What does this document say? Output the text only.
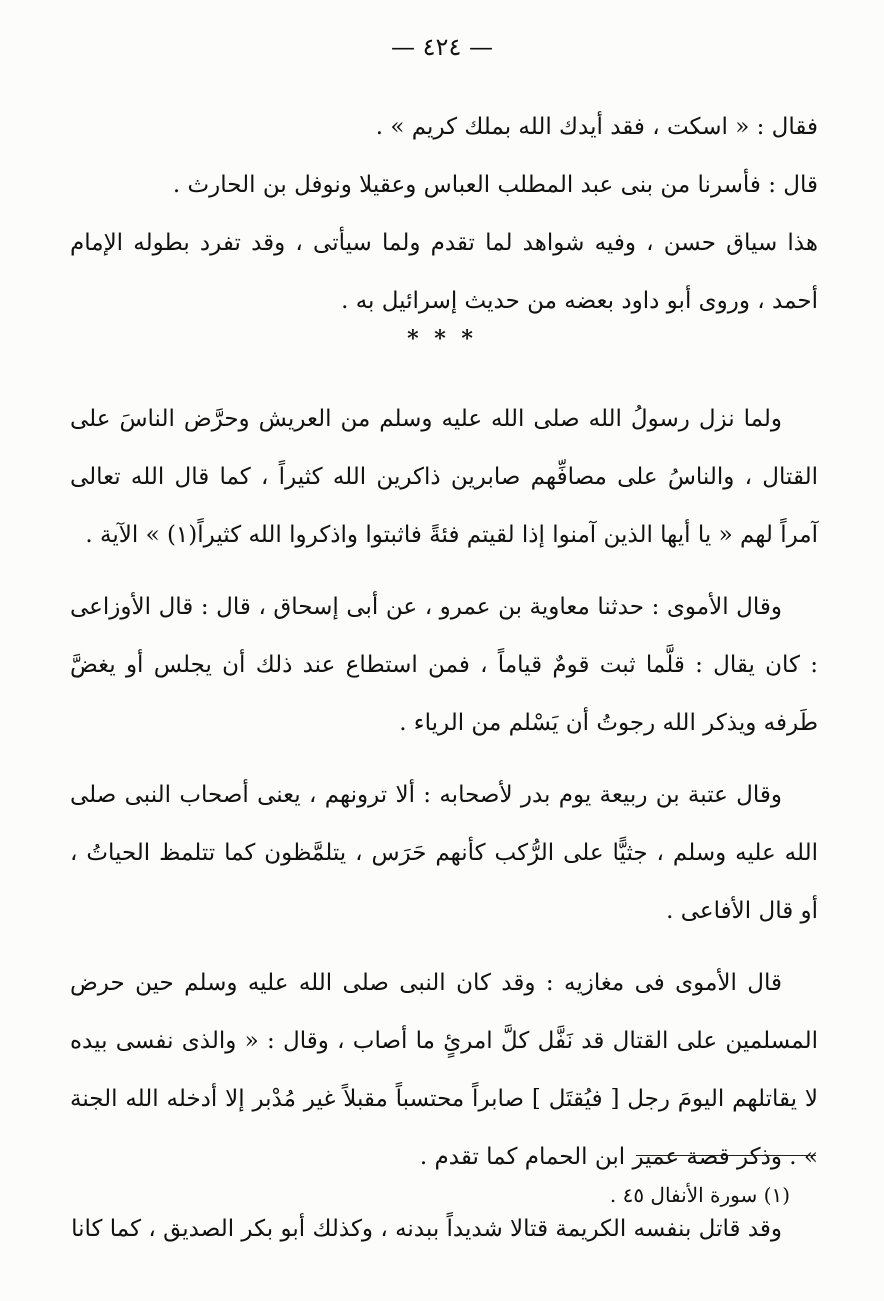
— ٤٢٤ —

فقال : « اسكت ، فقد أيدك الله بملك كريم » .

قال : فأسرنا من بنى عبد المطلب العباس وعقيلا ونوفل بن الحارث .

هذا سياق حسن ، وفيه شواهد لما تقدم ولما سيأتى ، وقد تفرد بطوله الإمام أحمد ، وروى أبو داود بعضه من حديث إسرائيل به .

ولما نزل رسولُ الله صلى الله عليه وسلم من العريش وحرَّض الناسَ على القتال ، والناسُ على مصافِّهم صابرين ذاكرين الله كثيراً ، كما قال الله تعالى آمراً لهم « يا أيها الذين آمنوا إذا لقيتم فئةً فاثبتوا واذكروا الله كثيراً(١) » الآية .

وقال الأموى : حدثنا معاوية بن عمرو ، عن أبى إسحاق ، قال : قال الأوزاعى : كان يقال : قلَّما ثبت قومٌ قياماً ، فمن استطاع عند ذلك أن يجلس أو يغضَّ طَرفه ويذكر الله رجوتُ أن يَسْلم من الرياء .

وقال عتبة بن ربيعة يوم بدر لأصحابه : ألا ترونهم ، يعنى أصحاب النبى صلى الله عليه وسلم ، جثيًّا على الرُّكب كأنهم حَرَس ، يتلمَّظون كما تتلمظ الحياتُ ، أو قال الأفاعى .

قال الأموى فى مغازيه : وقد كان النبى صلى الله عليه وسلم حين حرض المسلمين على القتال قد نَفَّل كلَّ امرئٍ ما أصاب ، وقال : « والذى نفسى بيده لا يقاتلهم اليومَ رجل [ فيُقتَل ] صابراً محتسباً مقبلاً غير مُدْبر إلا أدخله الله الجنة » . وذكر قصة عمير ابن الحمام كما تقدم .

وقد قاتل بنفسه الكريمة قتالا شديداً ببدنه ، وكذلك أبو بكر الصديق ، كما كانا

* * *
(١) سورة الأنفال ٤٥ .
